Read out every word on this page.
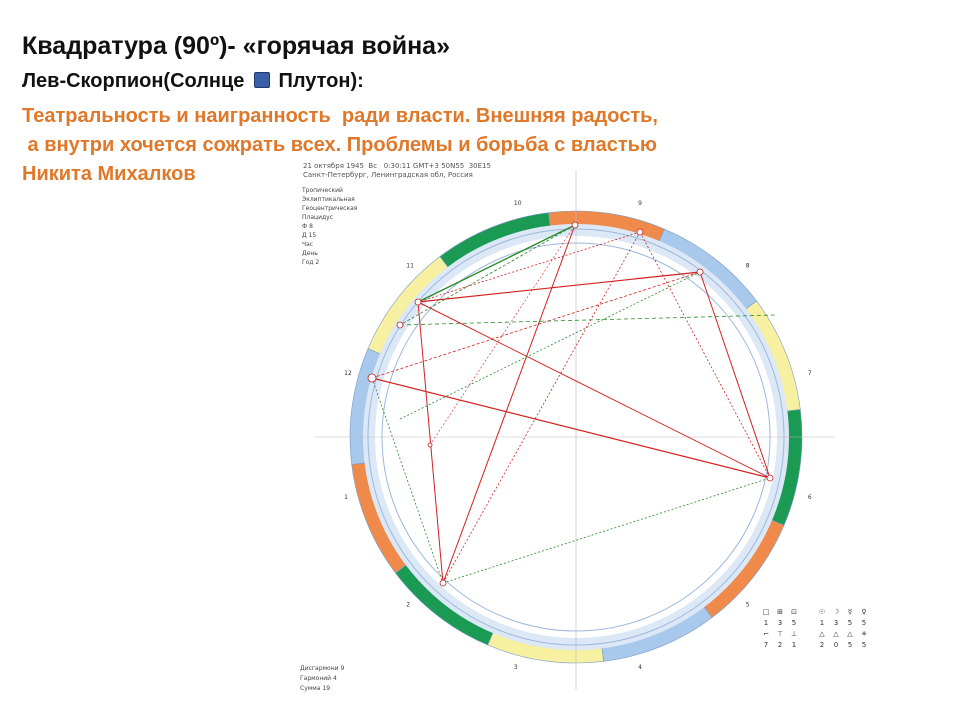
Квадратура (90º)- «горячая война»
Лев-Скорпион(Солнце Плутон):
Театральность и наигранность  ради власти. Внешняя радость,
а внутри хочется сожрать всех. Проблемы и борьба с властью
Никита Михалков
1
2
3	4
5
6
7
8
9
10
11
12
21 октября 1945  Вс   0:30:11 GMT+3 50N55  30E15
Санкт-Петербург, Ленинградская обл, Россия
Тропический
Эклиптикальная
Геоцентрическая
Плацидус
Ф 8
Д 15
Час
День
Год 2
□	⊞	⊡	☉	☽	☿	♀
1	3	5	1	3	5	5
⌐	⊤	⊥	△	△	△	✳
7	2	1	2	0	5	5
Дисгармони 9
Гармоний 4
Сумма 19
